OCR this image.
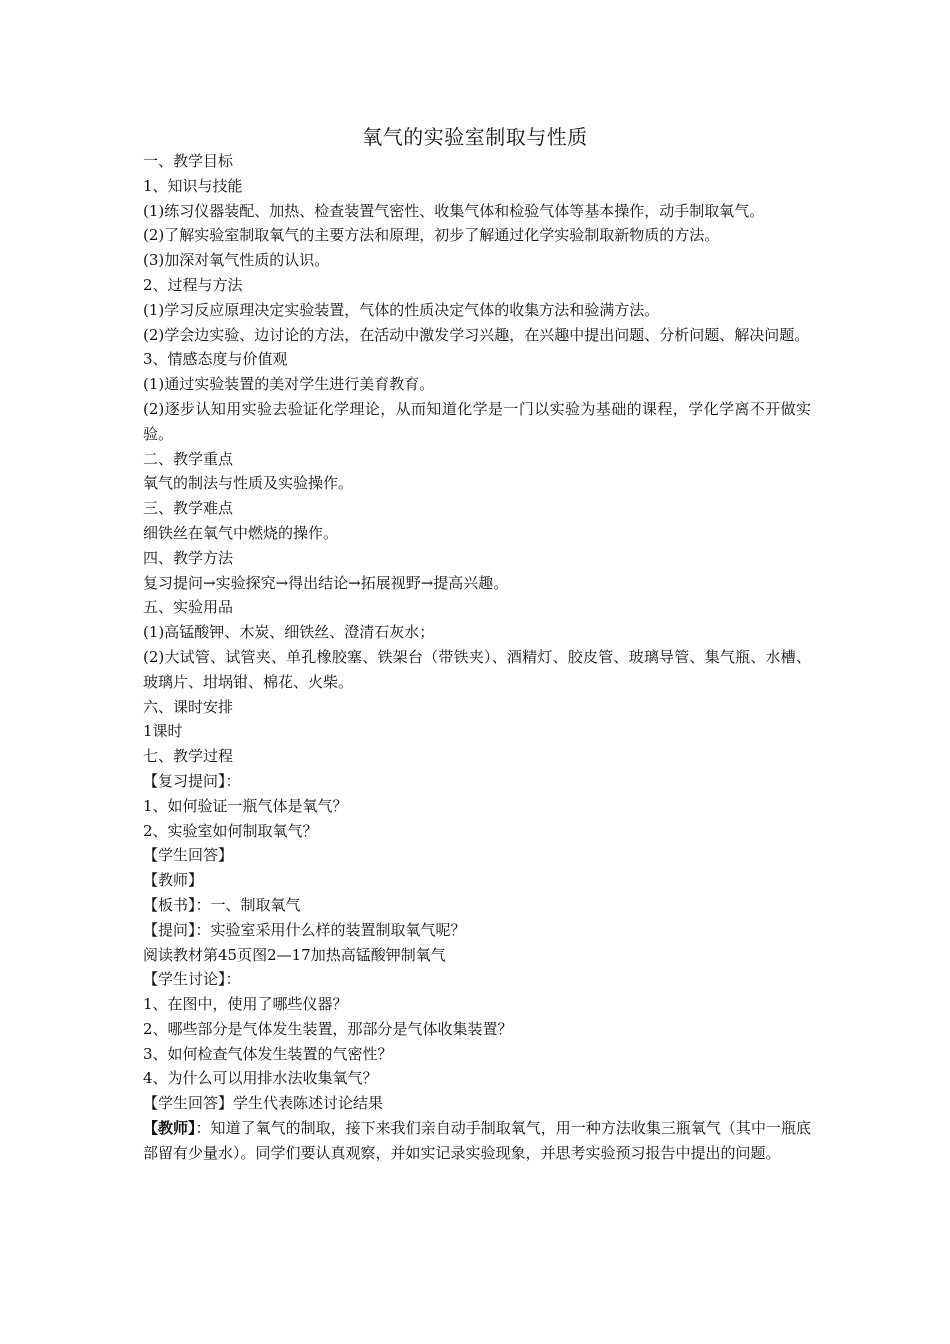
氧气的实验室制取与性质
一、教学目标
1、知识与技能
(1)练习仪器装配、加热、检查装置气密性、收集气体和检验气体等基本操作，动手制取氧气。
(2)了解实验室制取氧气的主要方法和原理，初步了解通过化学实验制取新物质的方法。
(3)加深对氧气性质的认识。
2、过程与方法
(1)学习反应原理决定实验装置，气体的性质决定气体的收集方法和验满方法。
(2)学会边实验、边讨论的方法，在活动中激发学习兴趣，在兴趣中提出问题、分析问题、解决问题。
3、情感态度与价值观
(1)通过实验装置的美对学生进行美育教育。
(2)逐步认知用实验去验证化学理论，从而知道化学是一门以实验为基础的课程，学化学离不开做实验。
二、教学重点
氧气的制法与性质及实验操作。
三、教学难点
细铁丝在氧气中燃烧的操作。
四、教学方法
复习提问→实验探究→得出结论→拓展视野→提高兴趣。
五、实验用品
(1)高锰酸钾、木炭、细铁丝、澄清石灰水；
(2)大试管、试管夹、单孔橡胶塞、铁架台（带铁夹）、酒精灯、胶皮管、玻璃导管、集气瓶、水槽、玻璃片、坩埚钳、棉花、火柴。
六、课时安排
1课时
七、教学过程
【复习提问】：
1、如何验证一瓶气体是氧气？
2、实验室如何制取氧气？
【学生回答】
【教师】
【板书】：一、制取氧气
【提问】：实验室采用什么样的装置制取氧气呢？
阅读教材第45页图2—17加热高锰酸钾制氧气
【学生讨论】：
1、在图中，使用了哪些仪器？
2、哪些部分是气体发生装置，那部分是气体收集装置？
3、如何检查气体发生装置的气密性？
4、为什么可以用排水法收集氧气？
【学生回答】学生代表陈述讨论结果
【教师】：知道了氧气的制取，接下来我们亲自动手制取氧气，用一种方法收集三瓶氧气（其中一瓶底部留有少量水）。同学们要认真观察，并如实记录实验现象，并思考实验预习报告中提出的问题。
